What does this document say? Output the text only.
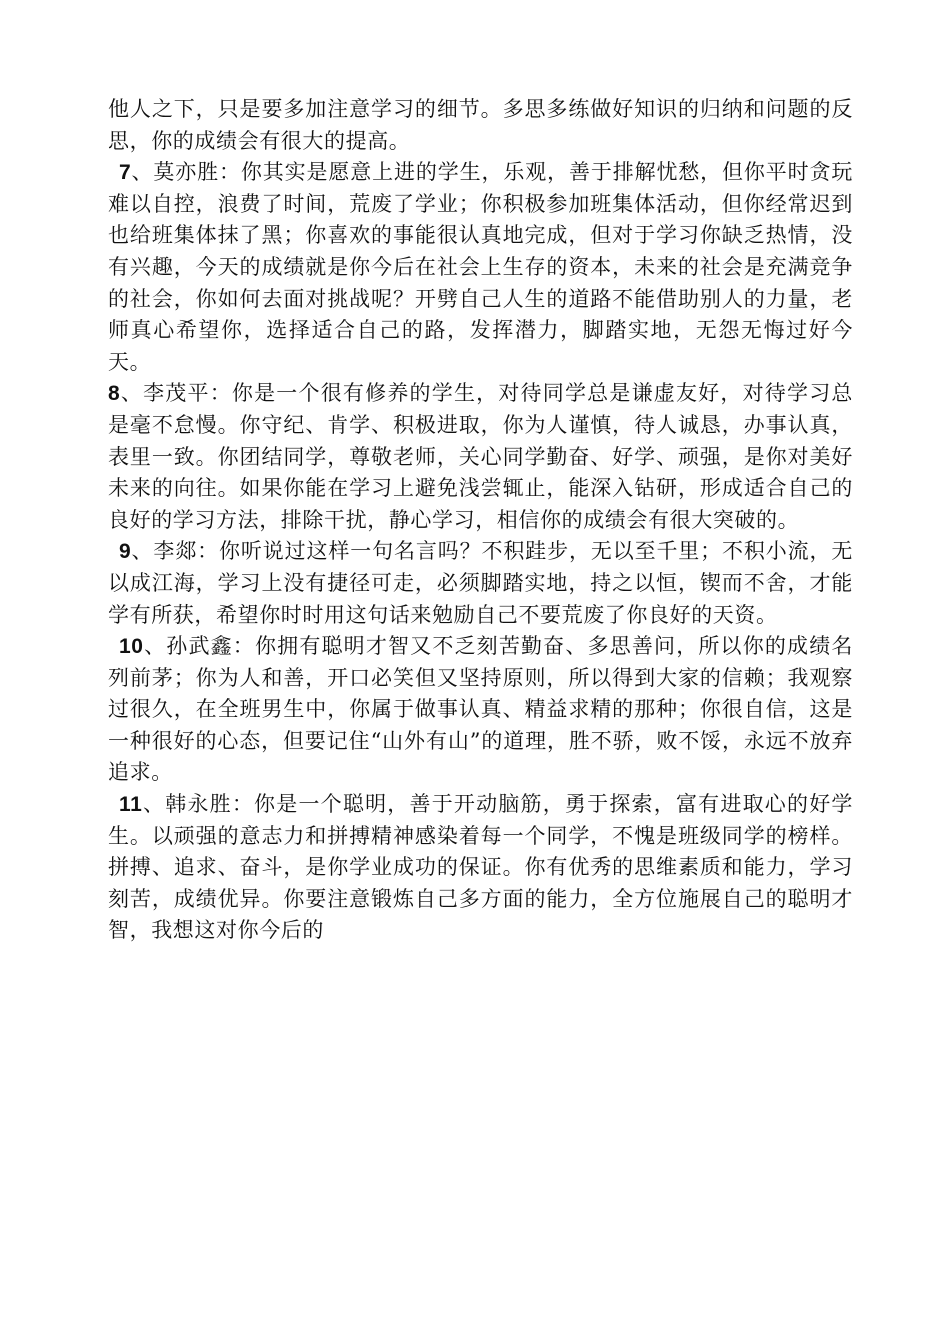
他人之下，只是要多加注意学习的细节。多思多练做好知识的归纳和问题的反思，你的成绩会有很大的提高。

7、莫亦胜：你其实是愿意上进的学生，乐观，善于排解忧愁，但你平时贪玩难以自控，浪费了时间，荒废了学业；你积极参加班集体活动，但你经常迟到也给班集体抹了黑；你喜欢的事能很认真地完成，但对于学习你缺乏热情，没有兴趣，今天的成绩就是你今后在社会上生存的资本，未来的社会是充满竞争的社会，你如何去面对挑战呢？开劈自己人生的道路不能借助别人的力量，老师真心希望你，选择适合自己的路，发挥潜力，脚踏实地，无怨无悔过好今天。

8、李茂平：你是一个很有修养的学生，对待同学总是谦虚友好，对待学习总是毫不怠慢。你守纪、肯学、积极进取，你为人谨慎，待人诚恳，办事认真，表里一致。你团结同学，尊敬老师，关心同学勤奋、好学、顽强，是你对美好未来的向往。如果你能在学习上避免浅尝辄止，能深入钻研，形成适合自己的良好的学习方法，排除干扰，静心学习，相信你的成绩会有很大突破的。

9、李郯：你听说过这样一句名言吗？不积跬步，无以至千里；不积小流，无以成江海，学习上没有捷径可走，必须脚踏实地，持之以恒，锲而不舍，才能学有所获，希望你时时用这句话来勉励自己不要荒废了你良好的天资。

10、孙武鑫：你拥有聪明才智又不乏刻苦勤奋、多思善问，所以你的成绩名列前茅；你为人和善，开口必笑但又坚持原则，所以得到大家的信赖；我观察过很久，在全班男生中，你属于做事认真、精益求精的那种；你很自信，这是一种很好的心态，但要记住“山外有山”的道理，胜不骄，败不馁，永远不放弃追求。

11、韩永胜：你是一个聪明，善于开动脑筋，勇于探索，富有进取心的好学生。以顽强的意志力和拼搏精神感染着每一个同学，不愧是班级同学的榜样。拼搏、追求、奋斗，是你学业成功的保证。你有优秀的思维素质和能力，学习刻苦，成绩优异。你要注意锻炼自己多方面的能力，全方位施展自己的聪明才智，我想这对你今后的
